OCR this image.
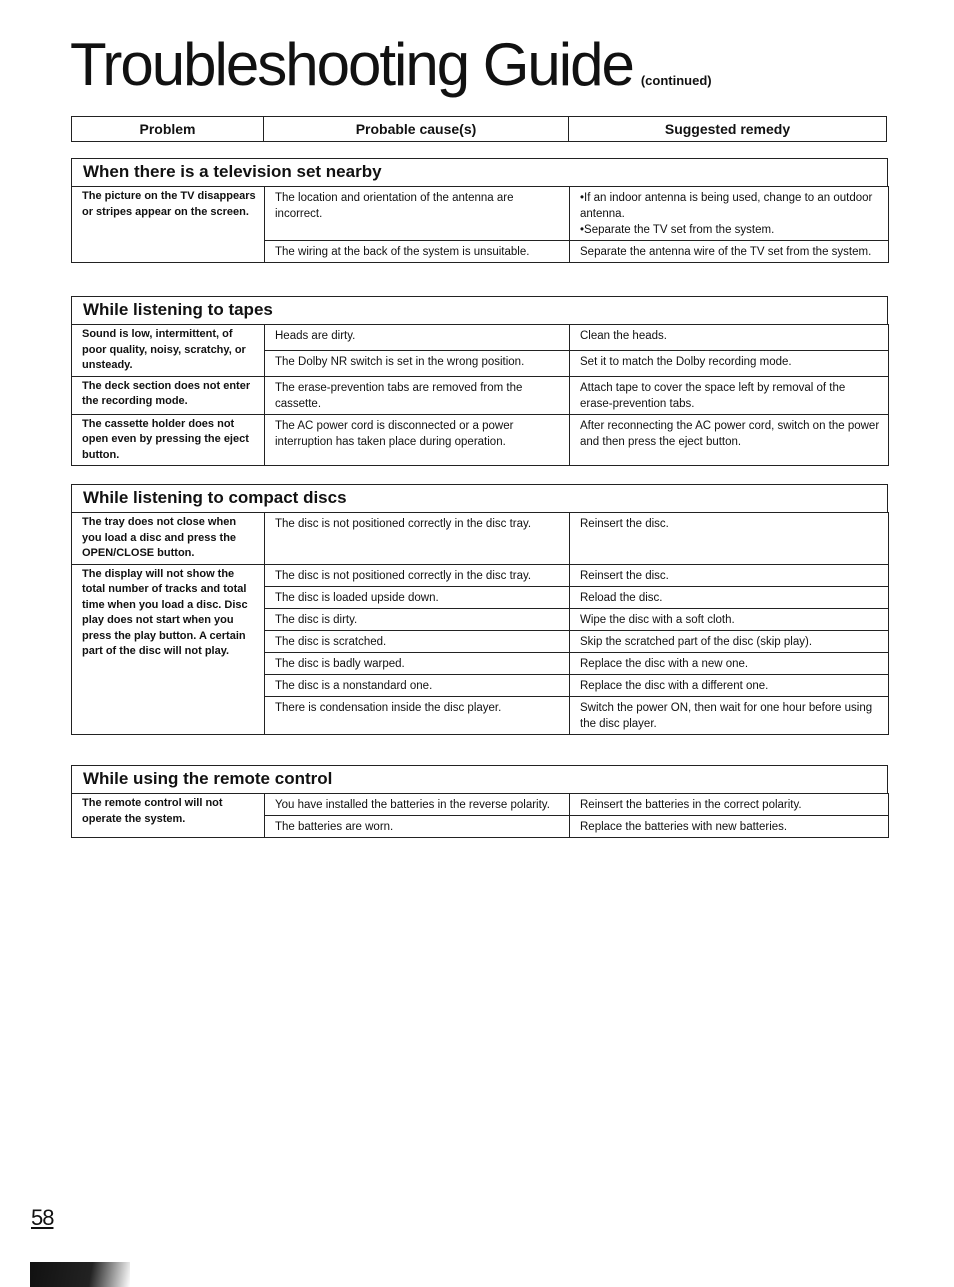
Troubleshooting Guide (continued)
Problem	Probable cause(s)	Suggested remedy
When there is a television set nearby
The picture on the TV disappears or stripes appear on the screen.	The location and orientation of the antenna are incorrect.	•If an indoor antenna is being used, change to an outdoor antenna.
•Separate the TV set from the system.

	The wiring at the back of the system is unsuitable.	Separate the antenna wire of the TV set from the system.
While listening to tapes
Sound is low, intermittent, of poor quality, noisy, scratchy, or unsteady.	Heads are dirty.	Clean the heads.

	The Dolby NR switch is set in the wrong position.	Set it to match the Dolby recording mode.

The deck section does not enter the recording mode.	The erase-prevention tabs are removed from the cassette.	Attach tape to cover the space left by removal of the erase-prevention tabs.

The cassette holder does not open even by pressing the eject button.	The AC power cord is disconnected or a power interruption has taken place during operation.	After reconnecting the AC power cord, switch on the power and then press the eject button.
While listening to compact discs
The tray does not close when you load a disc and press the OPEN/CLOSE button.	The disc is not positioned correctly in the disc tray.	Reinsert the disc.

The display will not show the total number of tracks and total time when you load a disc. Disc play does not start when you press the play button. A certain part of the disc will not play.	The disc is not positioned correctly in the disc tray.	Reinsert the disc.

	The disc is loaded upside down.	Reload the disc.

	The disc is dirty.	Wipe the disc with a soft cloth.

	The disc is scratched.	Skip the scratched part of the disc (skip play).

	The disc is badly warped.	Replace the disc with a new one.

	The disc is a nonstandard one.	Replace the disc with a different one.

	There is condensation inside the disc player.	Switch the power ON, then wait for one hour before using the disc player.
While using the remote control
The remote control will not operate the system.	You have installed the batteries in the reverse polarity.	Reinsert the batteries in the correct polarity.

	The batteries are worn.	Replace the batteries with new batteries.
58
